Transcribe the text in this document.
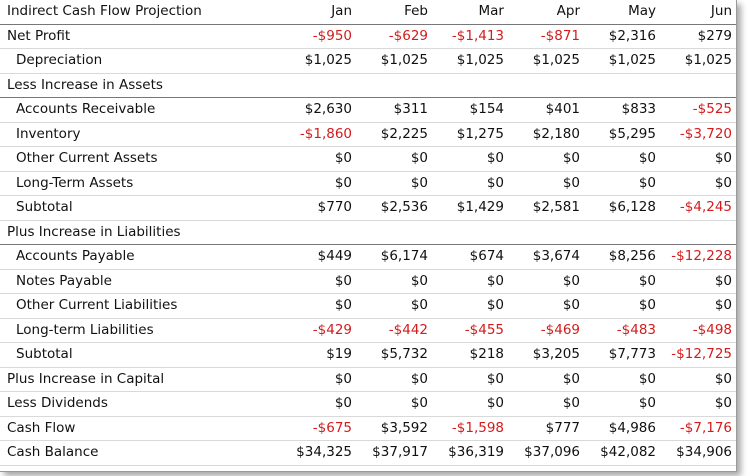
Indirect Cash Flow Projection	Jan	Feb	Mar	Apr	May	Jun
Net Profit	-$950	-$629	-$1,413	-$871	$2,316	$279
Depreciation	$1,025	$1,025	$1,025	$1,025	$1,025	$1,025
Less Increase in Assets						
Accounts Receivable	$2,630	$311	$154	$401	$833	-$525
Inventory	-$1,860	$2,225	$1,275	$2,180	$5,295	-$3,720
Other Current Assets	$0	$0	$0	$0	$0	$0
Long-Term Assets	$0	$0	$0	$0	$0	$0
Subtotal	$770	$2,536	$1,429	$2,581	$6,128	-$4,245
Plus Increase in Liabilities						
Accounts Payable	$449	$6,174	$674	$3,674	$8,256	-$12,228
Notes Payable	$0	$0	$0	$0	$0	$0
Other Current Liabilities	$0	$0	$0	$0	$0	$0
Long-term Liabilities	-$429	-$442	-$455	-$469	-$483	-$498
Subtotal	$19	$5,732	$218	$3,205	$7,773	-$12,725
Plus Increase in Capital	$0	$0	$0	$0	$0	$0
Less Dividends	$0	$0	$0	$0	$0	$0
Cash Flow	-$675	$3,592	-$1,598	$777	$4,986	-$7,176
Cash Balance	$34,325	$37,917	$36,319	$37,096	$42,082	$34,906
